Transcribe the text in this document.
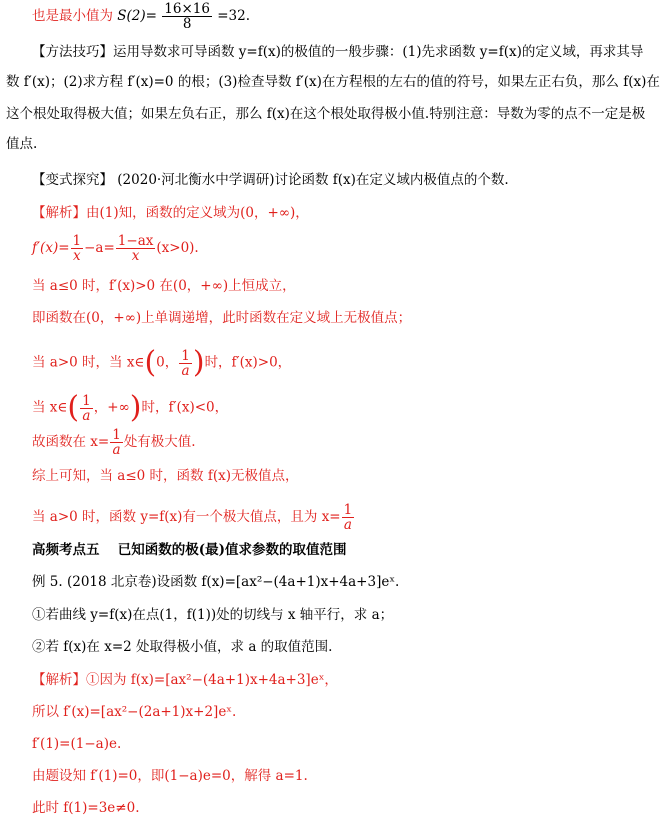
也是最小值为 $S(2)= \frac{16\times 16}{8} =32$.
【方法技巧】运用导数求可导函数 y=f(x)的极值的一般步骤：(1)先求函数 y=f(x)的定义域，再求其导
数 f′(x)；(2)求方程 f′(x)=0 的根；(3)检查导数 f′(x)在方程根的左右的值的符号，如果左正右负，那么 f(x)在
这个根处取得极大值；如果左负右正，那么 f(x)在这个根处取得极小值.特别注意：导数为零的点不一定是极
值点.
【变式探究】 (2020·河北衡水中学调研)讨论函数 f(x)在定义域内极值点的个数.
【解析】由(1)知，函数的定义域为(0，+∞)，
$f'(x)= \frac{1}{x} -a= \frac{1-ax}{x} (x>0)$.
当 a≤0 时，f′(x)>0 在(0，+∞)上恒成立，
即函数在(0，+∞)上单调递增，此时函数在定义域上无极值点；
当 a>0 时，当 x∈(0， $\frac{1}{a}$ )时，f′(x)>0，
当 x∈( $\frac{1}{a}$ ，+∞)时，f′(x)<0，
故函数在 $x= \frac{1}{a}$ 处有极大值.
综上可知，当 a≤0 时，函数 f(x)无极值点，
当 a>0 时，函数 y=f(x)有一个极大值点，且为 $x= \frac{1}{a}$
高频考点五　 已知函数的极(最)值求参数的取值范围
例 5. (2018 北京卷)设函数 f(x)=[ax²−(4a+1)x+4a+3]eˣ.
①若曲线 y=f(x)在点(1，f(1))处的切线与 x 轴平行，求 a；
②若 f(x)在 x=2 处取得极小值，求 a 的取值范围.
【解析】①因为 f(x)=[ax²−(4a+1)x+4a+3]eˣ，
所以 f′(x)=[ax²−(2a+1)x+2]eˣ.
f′(1)=(1−a)e.
由题设知 f′(1)=0，即(1−a)e=0，解得 a=1.
此时 f(1)=3e≠0.
